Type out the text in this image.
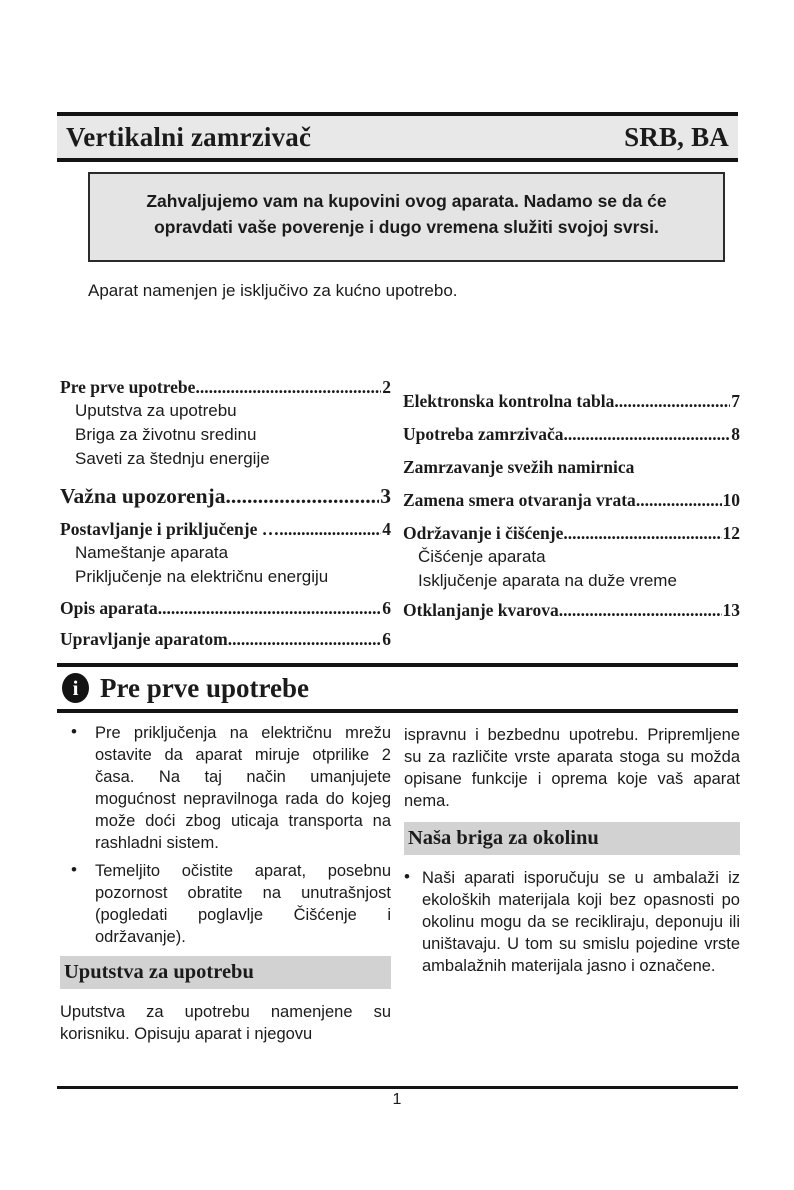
Vertikalni zamrzivač	SRB, BA
Zahvaljujemo vam na kupovini ovog aparata. Nadamo se da će opravdati vaše poverenje i dugo vremena služiti svojoj svrsi.
Aparat namenjen je isključivo za kućno upotrebo.
Pre prve upotrebe .....	2
Uputstva za upotrebu
Briga za životnu sredinu
Saveti za štednju energije
Važna upozorenja .....	3
Postavljanje i priključenje … .....	4
Nameštanje aparata
Priključenje na električnu energiju
Opis aparata .....	6
Upravljanje aparatom .....	6
Elektronska kontrolna tabla .....	7
Upotreba zamrzivača .....	8
Zamrzavanje svežih namirnica
Zamena smera otvaranja vrata .....	10
Održavanje i čišćenje .....	12
Čišćenje aparata
Isključenje aparata na duže vreme
Otklanjanje kvarova .....	13
i Pre prve upotrebe
•
Pre priključenja na električnu mrežu ostavite da aparat miruje otprilike 2 časa. Na taj način umanjujete mogućnost nepravilnoga rada do kojeg može doći zbog uticaja transporta na rashladni sistem.
•
Temeljito očistite aparat, posebnu pozornost obratite na unutrašnjost (pogledati poglavlje Čišćenje i održavanje).
Uputstva za upotrebu
Uputstva za upotrebu namenjene su korisniku. Opisuju aparat i njegovu
ispravnu i bezbednu upotrebu. Pripremljene su za različite vrste aparata stoga su možda opisane funkcije i oprema koje vaš aparat nema.
Naša briga za okolinu
•
Naši aparati isporučuju se u ambalaži iz ekoloških materijala koji bez opasnosti po okolinu mogu da se recikliraju, deponuju ili uništavaju. U tom su smislu pojedine vrste ambalažnih materijala jasno i označene.
1
